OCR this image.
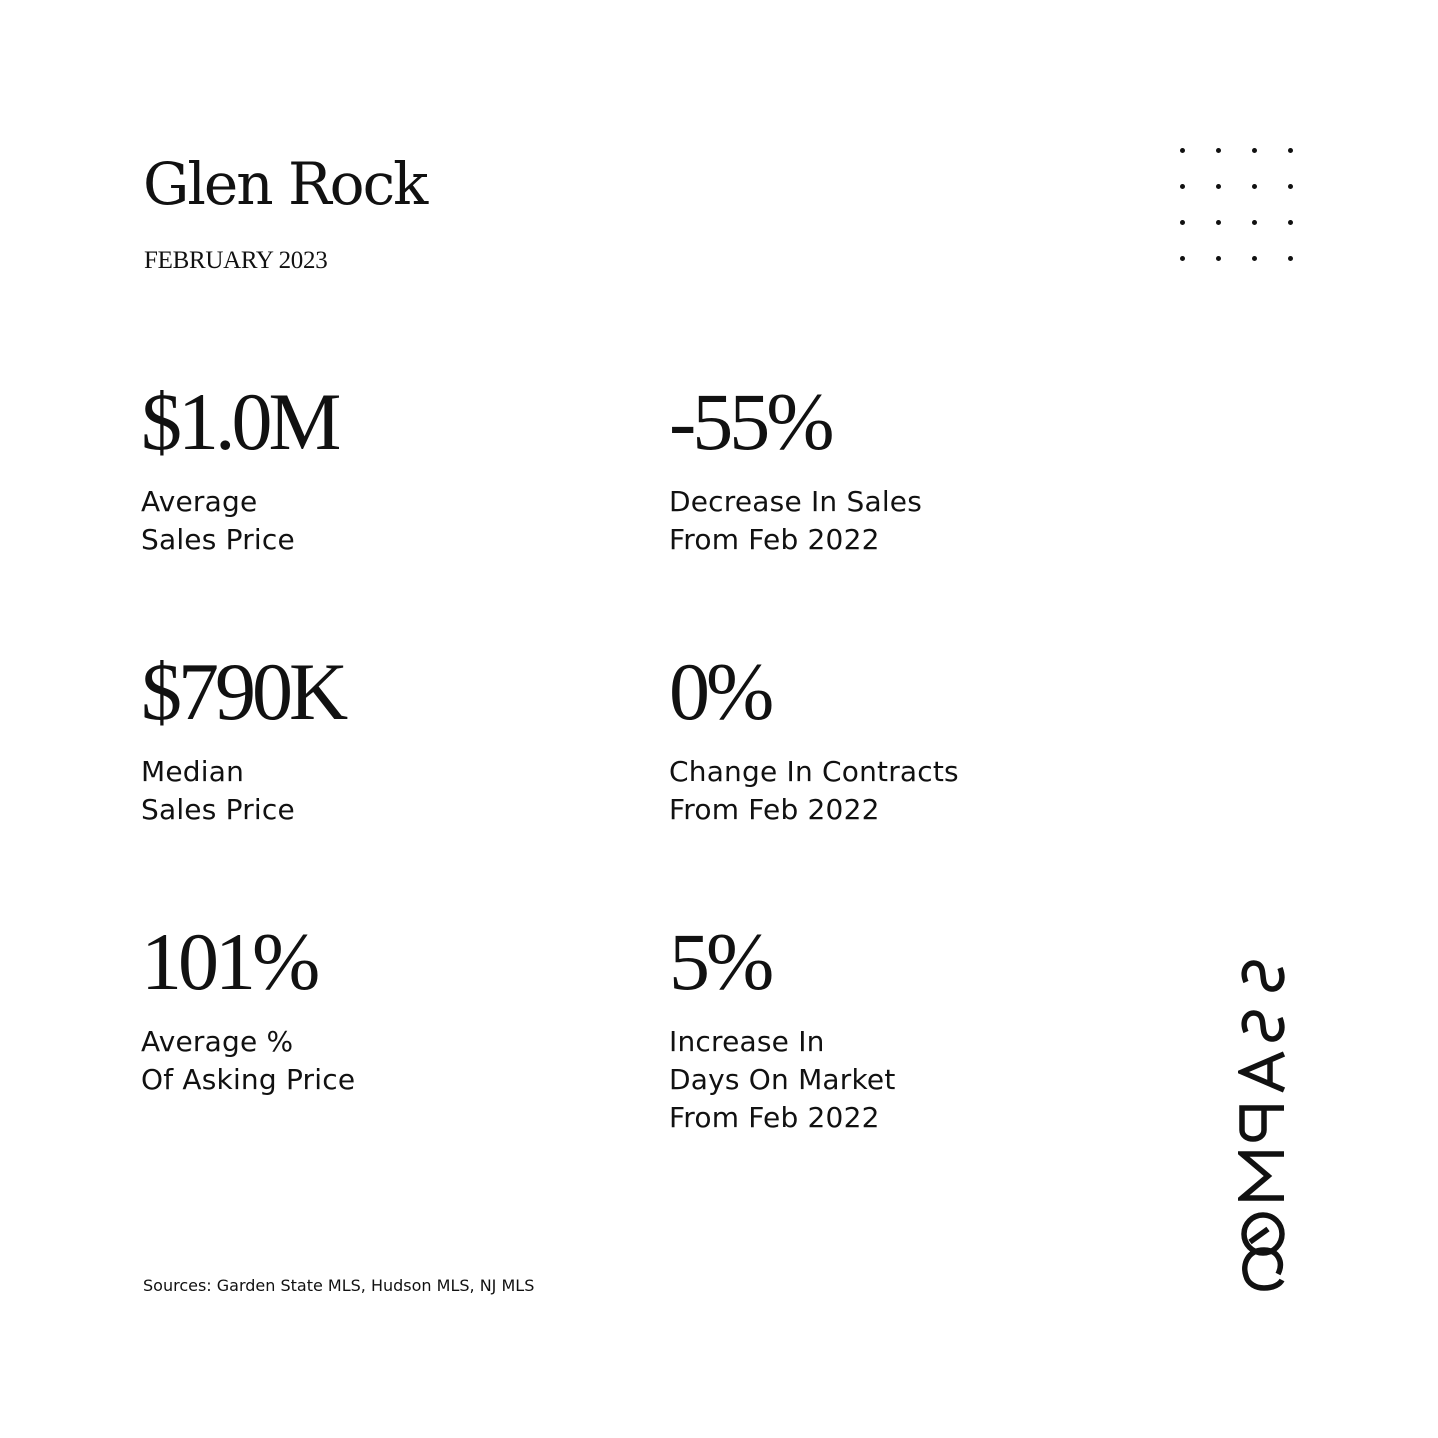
Glen Rock
FEBRUARY 2023
$1.0M
Average
Sales Price
-55%
Decrease In Sales
From Feb 2022
$790K
Median
Sales Price
0%
Change In Contracts
From Feb 2022
101%
Average %
Of Asking Price
5%
Increase In
Days On Market
From Feb 2022
Sources: Garden State MLS, Hudson MLS, NJ MLS
